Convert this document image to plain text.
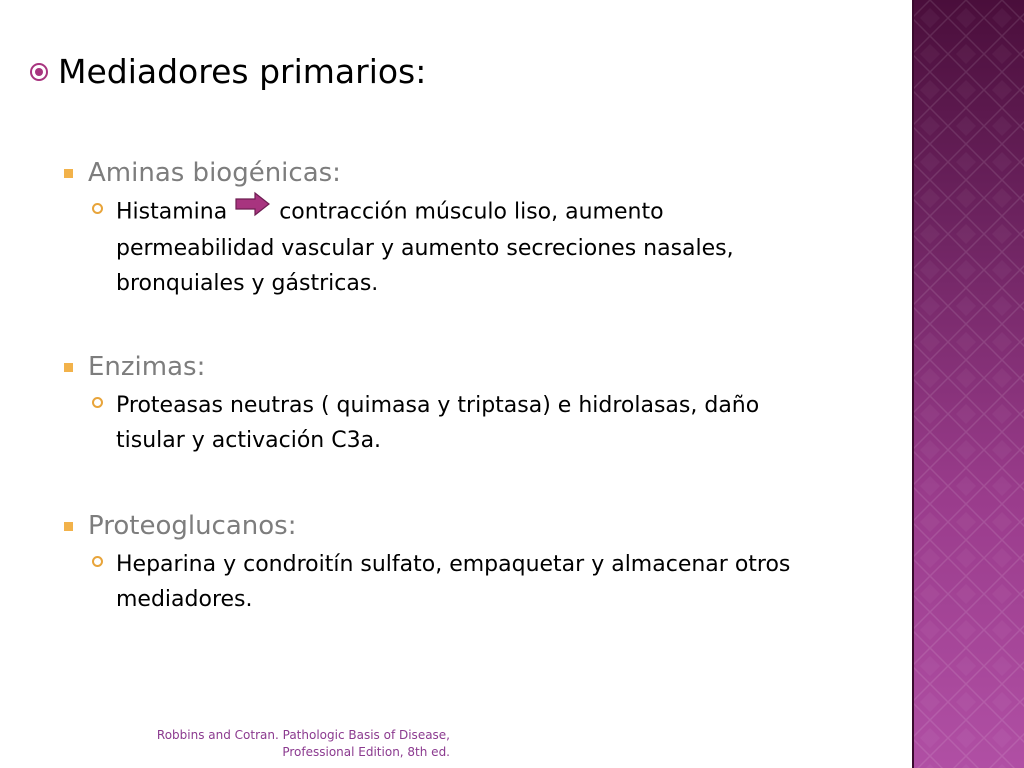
Mediadores primarios:
Aminas biogénicas:
Histamina contracción músculo liso, aumento
permeabilidad vascular y aumento secreciones nasales,
bronquiales y gástricas.
Enzimas:
Proteasas neutras ( quimasa y triptasa) e hidrolasas, daño
tisular y activación C3a.
Proteoglucanos:
Heparina y condroitín sulfato, empaquetar y almacenar otros
mediadores.
Robbins and Cotran. Pathologic Basis of Disease,
Professional Edition, 8th ed.
